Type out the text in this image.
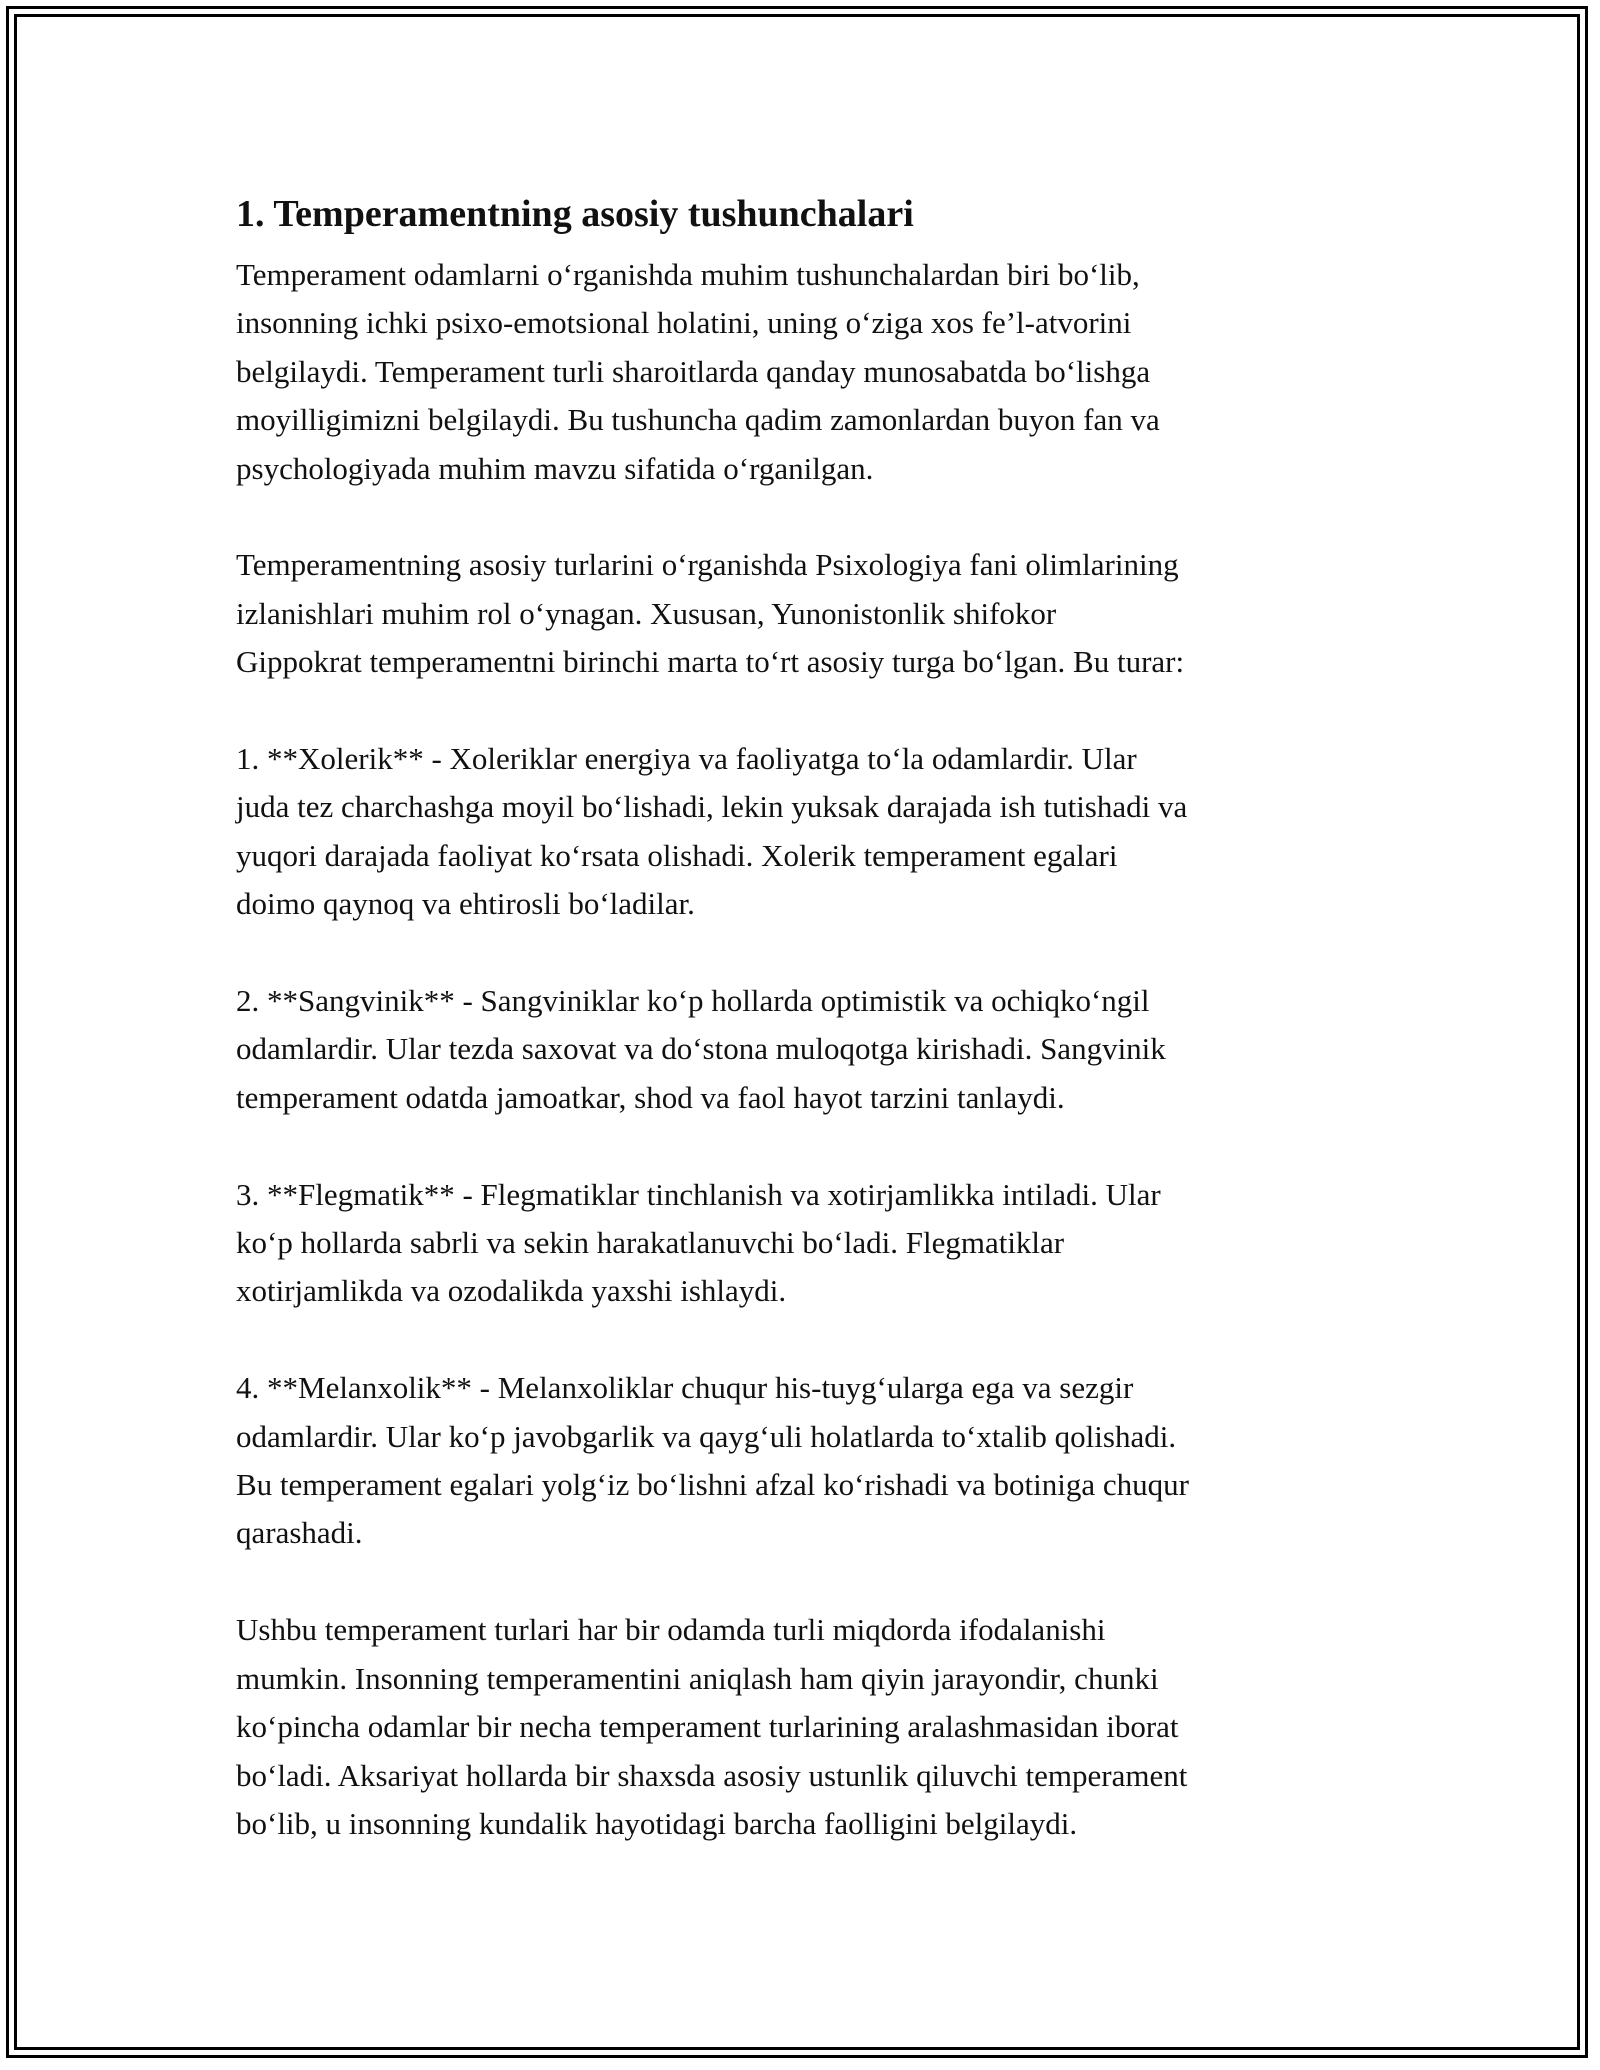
1. Temperamentning asosiy tushunchalari

Temperament odamlarni o‘rganishda muhim tushunchalardan biri bo‘lib,
insonning ichki psixo-emotsional holatini, uning o‘ziga xos fe’l-atvorini
belgilaydi. Temperament turli sharoitlarda qanday munosabatda bo‘lishga
moyilligimizni belgilaydi. Bu tushuncha qadim zamonlardan buyon fan va
psychologiyada muhim mavzu sifatida o‘rganilgan.

Temperamentning asosiy turlarini o‘rganishda Psixologiya fani olimlarining
izlanishlari muhim rol o‘ynagan. Xususan, Yunonistonlik shifokor
Gippokrat temperamentni birinchi marta to‘rt asosiy turga bo‘lgan. Bu turar:

1. **Xolerik** - Xoleriklar energiya va faoliyatga to‘la odamlardir. Ular
juda tez charchashga moyil bo‘lishadi, lekin yuksak darajada ish tutishadi va
yuqori darajada faoliyat ko‘rsata olishadi. Xolerik temperament egalari
doimo qaynoq va ehtirosli bo‘ladilar.

2. **Sangvinik** - Sangviniklar ko‘p hollarda optimistik va ochiqko‘ngil
odamlardir. Ular tezda saxovat va do‘stona muloqotga kirishadi. Sangvinik
temperament odatda jamoatkar, shod va faol hayot tarzini tanlaydi.

3. **Flegmatik** - Flegmatiklar tinchlanish va xotirjamlikka intiladi. Ular
ko‘p hollarda sabrli va sekin harakatlanuvchi bo‘ladi. Flegmatiklar
xotirjamlikda va ozodalikda yaxshi ishlaydi.

4. **Melanxolik** - Melanxoliklar chuqur his-tuyg‘ularga ega va sezgir
odamlardir. Ular ko‘p javobgarlik va qayg‘uli holatlarda to‘xtalib qolishadi.
Bu temperament egalari yolg‘iz bo‘lishni afzal ko‘rishadi va botiniga chuqur
qarashadi.

Ushbu temperament turlari har bir odamda turli miqdorda ifodalanishi
mumkin. Insonning temperamentini aniqlash ham qiyin jarayondir, chunki
ko‘pincha odamlar bir necha temperament turlarining aralashmasidan iborat
bo‘ladi. Aksariyat hollarda bir shaxsda asosiy ustunlik qiluvchi temperament
bo‘lib, u insonning kundalik hayotidagi barcha faolligini belgilaydi.
